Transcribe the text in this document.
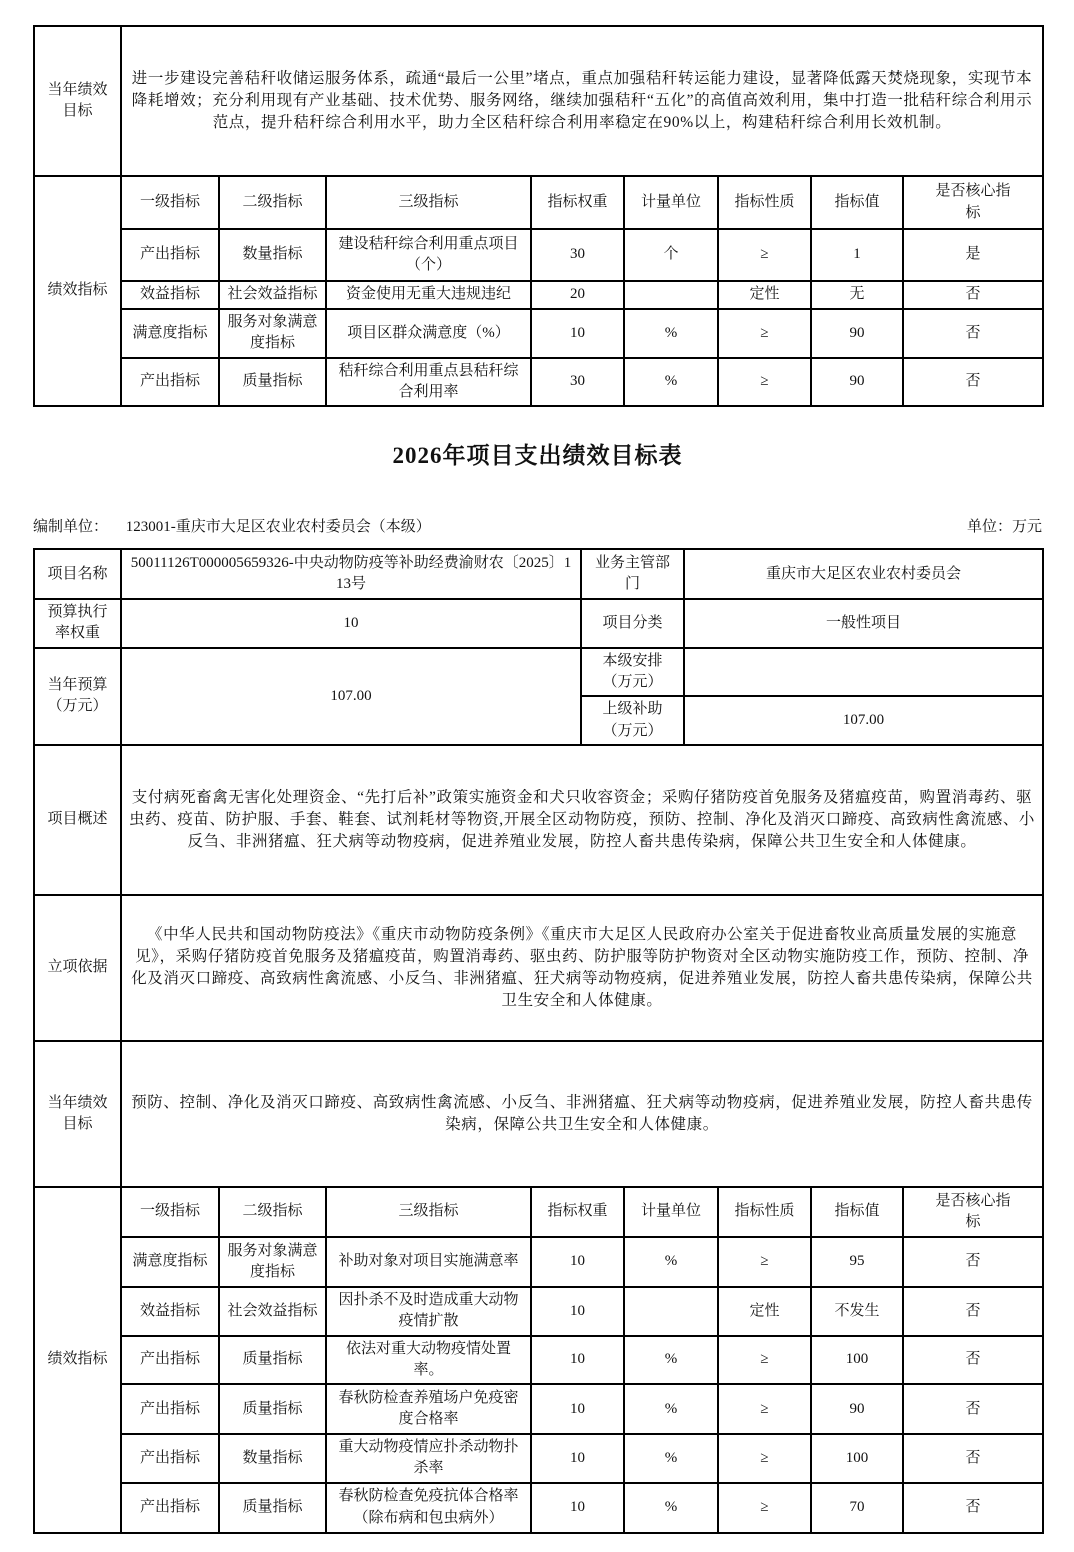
当年绩效目标	进一步建设完善秸秆收储运服务体系，疏通“最后一公里”堵点，重点加强秸秆转运能力建设，显著降低露天焚烧现象，实现节本降耗增效；充分利用现有产业基础、技术优势、服务网络，继续加强秸秆“五化”的高值高效利用，集中打造一批秸秆综合利用示范点，提升秸秆综合利用水平，助力全区秸秆综合利用率稳定在90%以上，构建秸秆综合利用长效机制。							
绩效指标	一级指标	二级指标	三级指标	指标权重	计量单位	指标性质	指标值	是否核心指标
	产出指标	数量指标	建设秸秆综合利用重点项目（个）	30	个	≥	1	是
	效益指标	社会效益指标	资金使用无重大违规违纪	20		定性	无	否
	满意度指标	服务对象满意度指标	项目区群众满意度（%）	10	%	≥	90	否
	产出指标	质量指标	秸秆综合利用重点县秸秆综合利用率	30	%	≥	90	否
2026年项目支出绩效目标表
编制单位： 123001-重庆市大足区农业农村委员会（本级）	单位：万元
项目名称	50011126T000005659326-中央动物防疫等补助经费渝财农〔2025〕113号	业务主管部门	重庆市大足区农业农村委员会
预算执行率权重	10	项目分类	一般性项目
当年预算（万元）	107.00	本级安排（万元）	
		上级补助（万元）	107.00
项目概述	支付病死畜禽无害化处理资金、“先打后补”政策实施资金和犬只收容资金；采购仔猪防疫首免服务及猪瘟疫苗，购置消毒药、驱虫药、疫苗、防护服、手套、鞋套、试剂耗材等物资,开展全区动物防疫，预防、控制、净化及消灭口蹄疫、高致病性禽流感、小反刍、非洲猪瘟、狂犬病等动物疫病，促进养殖业发展，防控人畜共患传染病，保障公共卫生安全和人体健康。		
立项依据	《中华人民共和国动物防疫法》《重庆市动物防疫条例》《重庆市大足区人民政府办公室关于促进畜牧业高质量发展的实施意见》，采购仔猪防疫首免服务及猪瘟疫苗，购置消毒药、驱虫药、防护服等防护物资对全区动物实施防疫工作，预防、控制、净化及消灭口蹄疫、高致病性禽流感、小反刍、非洲猪瘟、狂犬病等动物疫病，促进养殖业发展，防控人畜共患传染病，保障公共卫生安全和人体健康。		
当年绩效目标	预防、控制、净化及消灭口蹄疫、高致病性禽流感、小反刍、非洲猪瘟、狂犬病等动物疫病，促进养殖业发展，防控人畜共患传染病，保障公共卫生安全和人体健康。		
绩效指标	一级指标	二级指标	三级指标	指标权重	计量单位	指标性质	指标值	是否核心指标
	满意度指标	服务对象满意度指标	补助对象对项目实施满意率	10	%	≥	95	否
	效益指标	社会效益指标	因扑杀不及时造成重大动物疫情扩散	10		定性	不发生	否
	产出指标	质量指标	依法对重大动物疫情处置率。	10	%	≥	100	否
	产出指标	质量指标	春秋防检查养殖场户免疫密度合格率	10	%	≥	90	否
	产出指标	数量指标	重大动物疫情应扑杀动物扑杀率	10	%	≥	100	否
	产出指标	质量指标	春秋防检查免疫抗体合格率（除布病和包虫病外）	10	%	≥	70	否
